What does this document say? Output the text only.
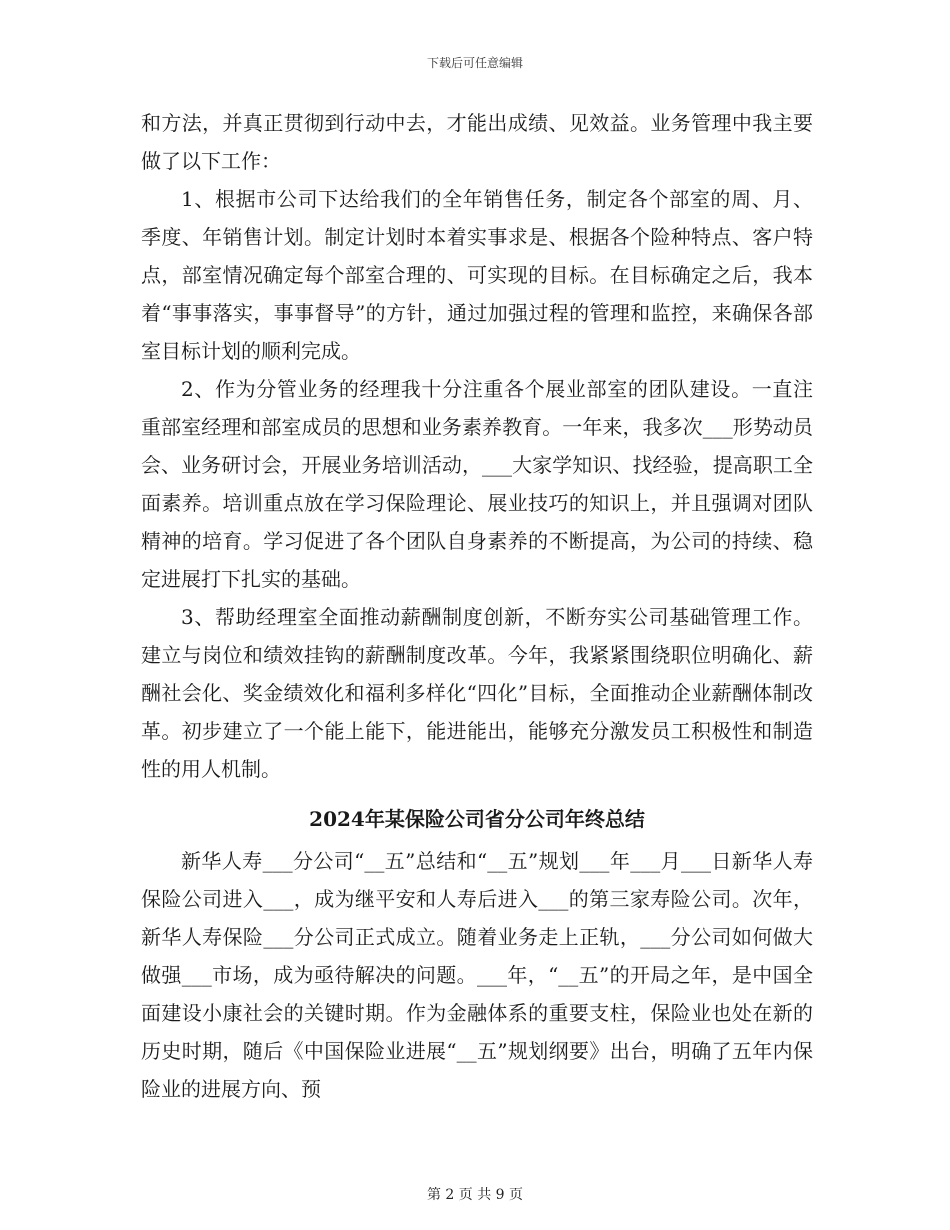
下载后可任意编辑

和方法，并真正贯彻到行动中去，才能出成绩、见效益。业务管理中我主要做了以下工作：

1、根据市公司下达给我们的全年销售任务，制定各个部室的周、月、季度、年销售计划。制定计划时本着实事求是、根据各个险种特点、客户特点，部室情况确定每个部室合理的、可实现的目标。在目标确定之后，我本着“事事落实，事事督导”的方针，通过加强过程的管理和监控，来确保各部室目标计划的顺利完成。

2、作为分管业务的经理我十分注重各个展业部室的团队建设。一直注重部室经理和部室成员的思想和业务素养教育。一年来，我多次___形势动员会、业务研讨会，开展业务培训活动，___大家学知识、找经验，提高职工全面素养。培训重点放在学习保险理论、展业技巧的知识上，并且强调对团队精神的培育。学习促进了各个团队自身素养的不断提高，为公司的持续、稳定进展打下扎实的基础。

3、帮助经理室全面推动薪酬制度创新，不断夯实公司基础管理工作。建立与岗位和绩效挂钩的薪酬制度改革。今年，我紧紧围绕职位明确化、薪酬社会化、奖金绩效化和福利多样化“四化”目标，全面推动企业薪酬体制改革。初步建立了一个能上能下，能进能出，能够充分激发员工积极性和制造性的用人机制。

2024年某保险公司省分公司年终总结

新华人寿___分公司“__五”总结和“__五”规划___年___月___日新华人寿保险公司进入___，成为继平安和人寿后进入___的第三家寿险公司。次年，新华人寿保险___分公司正式成立。随着业务走上正轨，___分公司如何做大做强___市场，成为亟待解决的问题。___年，“__五”的开局之年，是中国全面建设小康社会的关键时期。作为金融体系的重要支柱，保险业也处在新的历史时期，随后《中国保险业进展“__五”规划纲要》出台，明确了五年内保险业的进展方向、预

第 2 页 共 9 页
